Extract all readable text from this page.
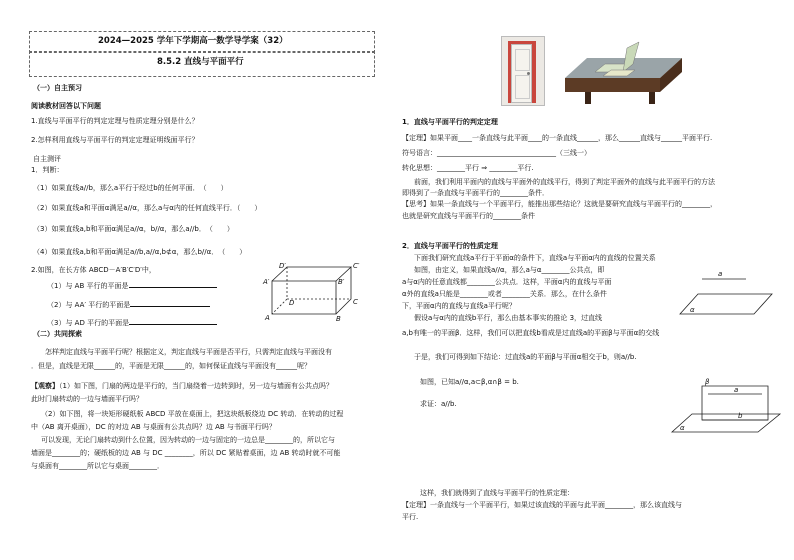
2024—2025 学年下学期高一数学导学案（32）
8.5.2 直线与平面平行
（一）自主预习
阅读教材回答以下问题
1.直线与平面平行的判定定理与性质定理分别是什么？
2.怎样利用直线与平面平行的判定定理证明线面平行？
自主测评
1．判断：
（1）如果直线a//b，那么a平行于经过b的任何平面．　（　　）
（2）如果直线a和平面α满足a//α，那么a与α内的任何直线平行．（　　）
（3）如果直线a,b和平面α满足a//α，b//α，那么a//b．　（　　）
（4）如果直线a,b和平面α满足a//b,a//α,b⊄α，那么b//α．　（　　）
2.如图，在长方体 ABCD－A′B′C′D′中，
（1）与 AB 平行的平面是
（2）与 AA′ 平行的平面是
（3）与 AD 平行的平面是
D′	C′
A′	B′
D	C
A	B
（二）共同探索
怎样判定直线与平面平行呢？根据定义，判定直线与平面是否平行，只需判定直线与平面没有
．但是，直线是无限______的，平面是无限______的，如何保证直线与平面没有______呢？
【观察】（1）如下图，门扇的两边是平行的，当门扇绕着一边转到时，另一边与墙面有公共点吗？
此时门扇转动的一边与墙面平行吗？
（2）如下图，将一块矩形硬纸板 ABCD 平放在桌面上，把这块纸板绕边 DC 转动．在转动的过程
中（AB 离开桌面），DC 的对边 AB 与桌面有公共点吗？边 AB 与书面平行吗？
可以发现，无论门扇转动到什么位置，因为转动的一边与固定的一边总是________的，所以它与
墙面是________的；硬纸板的边 AB 与 DC ________，所以 DC 紧贴着桌面，边 AB 转动时就不可能
与桌面有________所以它与桌面________．
1．直线与平面平行的判定定理
【定理】如果平面____一条直线与此平面____的一条直线______，那么______直线与______平面平行.
符号语言：__________________________________（三线一）
转化思想：________平行 ⇒ ________平行.
前面，我们利用平面内的直线与平面外的直线平行，得到了判定平面外的直线与此平面平行的方法
即得到了一条直线与平面平行的________条件．
【思考】如果一条直线与一个平面平行，能推出那些结论？这就是要研究直线与平面平行的________，
也就是研究直线与平面平行的________条件
2．直线与平面平行的性质定理
下面我们研究直线a平行于平面α的条件下，直线a与平面α内的直线的位置关系
如图，由定义，如果直线a//α，那么a与α________公共点，即
a与α内的任意直线都________公共点．这样，平面α内的直线与平面
α外的直线a只能是________或者________关系．那么，在什么条件
下，平面α内的直线与直线a平行呢？
假设a与α内的直线b平行，那么由基本事实的推论 3，过直线
a,b有唯一的平面β．这样，我们可以把直线b看成是过直线a的平面β与平面α的交线
于是，我们可得到如下结论：过直线a的平面β与平面α相交于b，则a//b.
如图，已知a//α,a⊂β,α∩β = b.
求证：a//b.
a
α
β
a
b
α
这样，我们就得到了直线与平面平行的性质定理：
【定理】一条直线与一个平面平行，如果过该直线的平面与此平面________，那么该直线与
平行.
